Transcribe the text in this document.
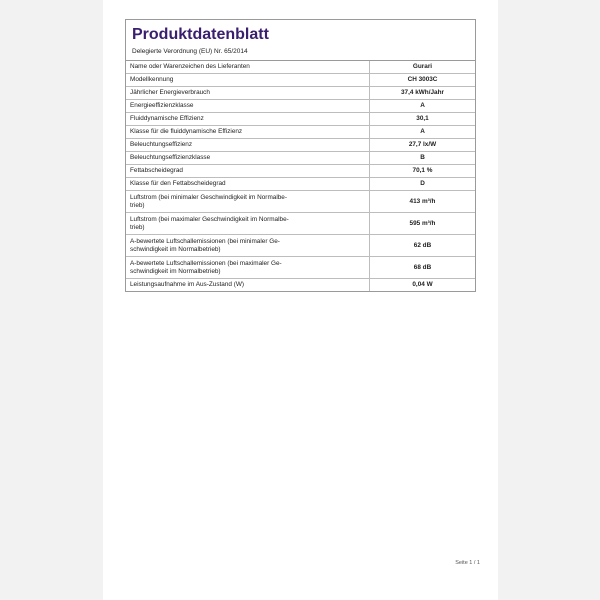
Produktdatenblatt
Delegierte Verordnung (EU) Nr. 65/2014
Name oder Warenzeichen des Lieferanten	Gurari
Modellkennung	CH 3003C
Jährlicher Energieverbrauch	37,4 kWh/Jahr
Energieeffizienzklasse	A
Fluiddynamische Effizienz	30,1
Klasse für die fluiddynamische Effizienz	A
Beleuchtungseffizienz	27,7 lx/W
Beleuchtungseffizienzklasse	B
Fettabscheidegrad	70,1 %
Klasse für den Fettabscheidegrad	D
Luftstrom (bei minimaler Geschwindigkeit im Normalbe-
trieb)	413 m³/h
Luftstrom (bei maximaler Geschwindigkeit im Normalbe-
trieb)	595 m³/h
A-bewertete Luftschallemissionen (bei minimaler Ge-
schwindigkeit im Normalbetrieb)	62 dB
A-bewertete Luftschallemissionen (bei maximaler Ge-
schwindigkeit im Normalbetrieb)	68 dB
Leistungsaufnahme im Aus-Zustand (W)	0,04 W
Seite 1 / 1
